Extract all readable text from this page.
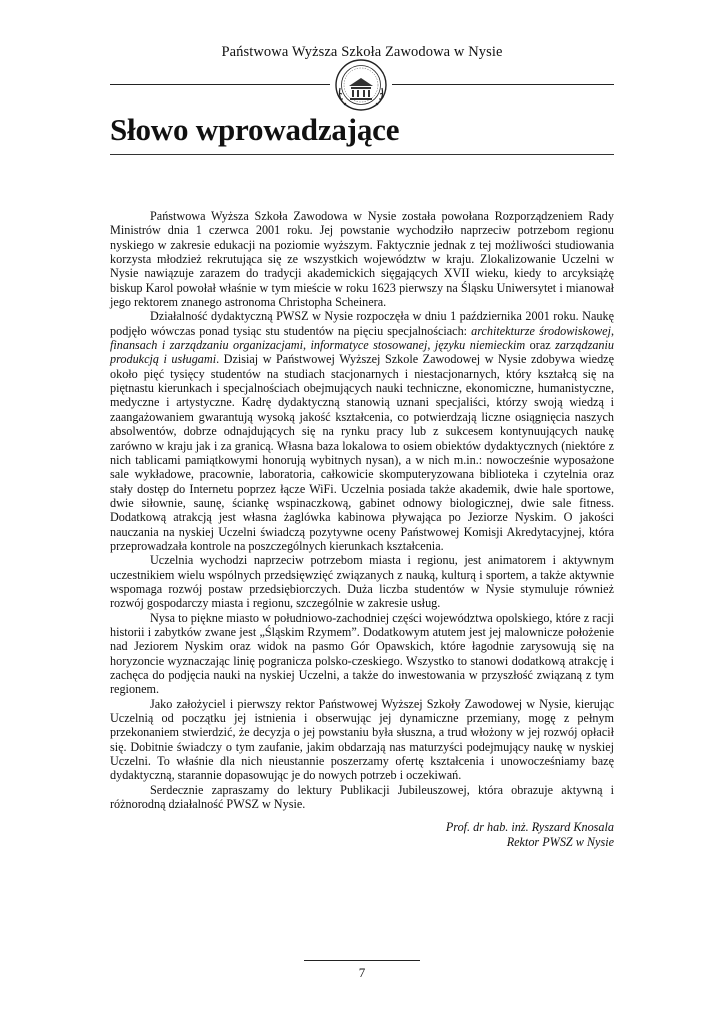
Państwowa Wyższa Szkoła Zawodowa w Nysie
Słowo wprowadzające

Państwowa Wyższa Szkoła Zawodowa w Nysie została powołana Rozporządzeniem Rady Ministrów dnia 1 czerwca 2001 roku. Jej powstanie wychodziło naprzeciw potrzebom regionu nyskiego w zakresie edukacji na poziomie wyższym. Faktycznie jednak z tej możliwości studiowania korzysta młodzież rekrutująca się ze wszystkich województw w kraju. Zlokalizowanie Uczelni w Nysie nawiązuje zarazem do tradycji akademickich sięgających XVII wieku, kiedy to arcyksiążę biskup Karol powołał właśnie w tym mieście w roku 1623 pierwszy na Śląsku Uniwersytet i mianował jego rektorem znanego astronoma Christopha Scheinera.

Działalność dydaktyczną PWSZ w Nysie rozpoczęła w dniu 1 października 2001 roku. Naukę podjęło wówczas ponad tysiąc stu studentów na pięciu specjalnościach: architekturze środowiskowej, finansach i zarządzaniu organizacjami, informatyce stosowanej, języku niemieckim oraz zarządzaniu produkcją i usługami. Dzisiaj w Państwowej Wyższej Szkole Zawodowej w Nysie zdobywa wiedzę około pięć tysięcy studentów na studiach stacjonarnych i niestacjonarnych, który kształcą się na piętnastu kierunkach i specjalnościach obejmujących nauki techniczne, ekonomiczne, humanistyczne, medyczne i artystyczne. Kadrę dydaktyczną stanowią uznani specjaliści, którzy swoją wiedzą i zaangażowaniem gwarantują wysoką jakość kształcenia, co potwierdzają liczne osiągnięcia naszych absolwentów, dobrze odnajdujących się na rynku pracy lub z sukcesem kontynuujących naukę zarówno w kraju jak i za granicą. Własna baza lokalowa to osiem obiektów dydaktycznych (niektóre z nich tablicami pamiątkowymi honorują wybitnych nysan), a w nich m.in.: nowocześnie wyposażone sale wykładowe, pracownie, laboratoria, całkowicie skomputeryzowana biblioteka i czytelnia oraz stały dostęp do Internetu poprzez łącze WiFi. Uczelnia posiada także akademik, dwie hale sportowe, dwie siłownie, saunę, ściankę wspinaczkową, gabinet odnowy biologicznej, dwie sale fitness. Dodatkową atrakcją jest własna żaglówka kabinowa pływająca po Jeziorze Nyskim. O jakości nauczania na nyskiej Uczelni świadczą pozytywne oceny Państwowej Komisji Akredytacyjnej, która przeprowadzała kontrole na poszczególnych kierunkach kształcenia.

Uczelnia wychodzi naprzeciw potrzebom miasta i regionu, jest animatorem i aktywnym uczestnikiem wielu wspólnych przedsięwzięć związanych z nauką, kulturą i sportem, a także aktywnie wspomaga rozwój postaw przedsiębiorczych. Duża liczba studentów w Nysie stymuluje również rozwój gospodarczy miasta i regionu, szczególnie w zakresie usług.

Nysa to piękne miasto w południowo-zachodniej części województwa opolskiego, które z racji historii i zabytków zwane jest „Śląskim Rzymem”. Dodatkowym atutem jest jej malownicze położenie nad Jeziorem Nyskim oraz widok na pasmo Gór Opawskich, które łagodnie zarysowują się na horyzoncie wyznaczając linię pogranicza polsko-czeskiego. Wszystko to stanowi dodatkową atrakcję i zachęca do podjęcia nauki na nyskiej Uczelni, a także do inwestowania w przyszłość związaną z tym regionem.

Jako założyciel i pierwszy rektor Państwowej Wyższej Szkoły Zawodowej w Nysie, kierując Uczelnią od początku jej istnienia i obserwując jej dynamiczne przemiany, mogę z pełnym przekonaniem stwierdzić, że decyzja o jej powstaniu była słuszna, a trud włożony w jej rozwój opłacił się. Dobitnie świadczy o tym zaufanie, jakim obdarzają nas maturzyści podejmujący naukę w nyskiej Uczelni. To właśnie dla nich nieustannie poszerzamy ofertę kształcenia i unowocześniamy bazę dydaktyczną, starannie dopasowując je do nowych potrzeb i oczekiwań.

Serdecznie zapraszamy do lektury Publikacji Jubileuszowej, która obrazuje aktywną i różnorodną działalność PWSZ w Nysie.

Prof. dr hab. inż. Ryszard Knosala
Rektor PWSZ w Nysie
7
